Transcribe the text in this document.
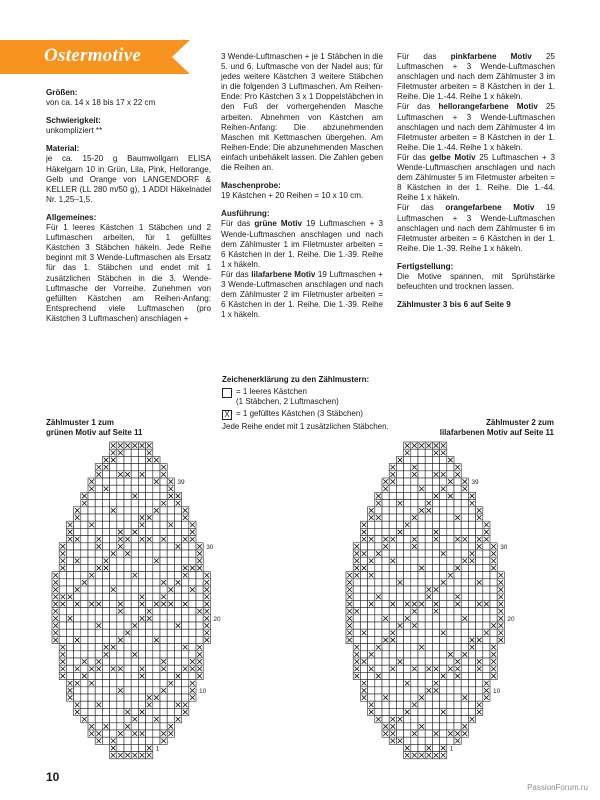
Ostermotive

Größen:

von ca. 14 x 18 bis 17 x 22 cm

Schwierigkeit:

unkompliziert **

Material:

je ca. 15-20 g Baumwollgarn ELISA Häkelgarn 10 in Grün, Lila, Pink, Hellorange, Gelb und Orange von LANGENDORF & KELLER (LL 280 m/50 g), 1 ADDI Häkelnadel Nr. 1,25–1,5.

Allgemeines:

Für 1 leeres Kästchen 1 Stäbchen und 2 Luftmaschen arbeiten, für 1 gefülltes Kästchen 3 Stäbchen häkeln. Jede Reihe beginnt mit 3 Wende-Luftmaschen als Ersatz für das 1. Stäbchen und endet mit 1 zusätzlichen Stäbchen in die 3. Wende-Luftmasche der Vorreihe. Zunehmen von gefüllten Kästchen am Reihen-Anfang: Entsprechend viele Luftmaschen (pro Kästchen 3 Luftmaschen) anschlagen +

3 Wende-Luftmaschen + je 1 Stäbchen in die 5. und 6. Luftmasche von der Nadel aus; für jedes weitere Kästchen 3 weitere Stäbchen in die folgenden 3 Luftmaschen. Am Reihen-Ende: Pro Kästchen 3 x 1 Doppelstäbchen in den Fuß der vorhergehenden Masche arbeiten. Abnehmen von Kästchen am Reihen-Anfang: Die abzunehmenden Maschen mit Kettmaschen übergehen. Am Reihen-Ende: Die abzunehmenden Maschen einfach unbehäkelt lassen. Die Zahlen geben die Reihen an.

Maschenprobe:

19 Kästchen + 20 Reihen = 10 x 10 cm.

Ausführung:

Für das grüne Motiv 19 Luftmaschen + 3 Wende-Luftmaschen anschlagen und nach dem Zählmuster 1 im Filetmuster arbeiten = 6 Kästchen in der 1. Reihe. Die 1.-39. Reihe 1 x häkeln.

Für das lilafarbene Motiv 19 Luftmaschen + 3 Wende-Luftmaschen anschlagen und nach dem Zählmuster 2 im Filetmuster arbeiten = 6 Kästchen in der 1. Reihe. Die 1.-39. Reihe 1 x häkeln.

Für das pinkfarbene Motiv 25 Luftmaschen + 3 Wende-Luftmaschen anschlagen und nach dem Zählmuster 3 im Filetmuster arbeiten = 8 Kästchen in der 1. Reihe. Die 1.-44. Reihe 1 x häkeln.

Für das hellorangefarbene Motiv 25 Luftmaschen + 3 Wende-Luftmaschen anschlagen und nach dem Zählmuster 4 im Filetmuster arbeiten = 8 Kästchen in der 1. Reihe. Die 1.-44. Reihe 1 x häkeln.

Für das gelbe Motiv 25 Luftmaschen + 3 Wende-Luftmaschen anschlagen und nach dem Zählmuster 5 im Filetmuster arbeiten = 8 Kästchen in der 1. Reihe. Die 1.-44. Reihe 1 x häkeln.

Für das orangefarbene Motiv 19 Luftmaschen + 3 Wende-Luftmaschen anschlagen und nach dem Zählmuster 6 im Filetmuster arbeiten = 6 Kästchen in der 1. Reihe. Die 1.-39. Reihe 1 x häkeln.

Fertigstellung:

Die Motive spannen, mit Sprühstärke befeuchten und trocknen lassen.

Zählmuster 3 bis 6 auf Seite 9

Zeichenerklärung zu den Zählmustern:
= 1 leeres Kästchen
(1 Stäbchen, 2 Luftmaschen)
X = 1 gefülltes Kästchen (3 Stäbchen)
Jede Reihe endet mit 1 zusätzlichen Stäbchen.
Zählmuster 1 zum
grünen Motiv auf Seite 11
Zählmuster 2 zum
lilafarbenen Motiv auf Seite 11
39
30
20
10
1
39
30
20
10
1
10
PassionForum.ru
